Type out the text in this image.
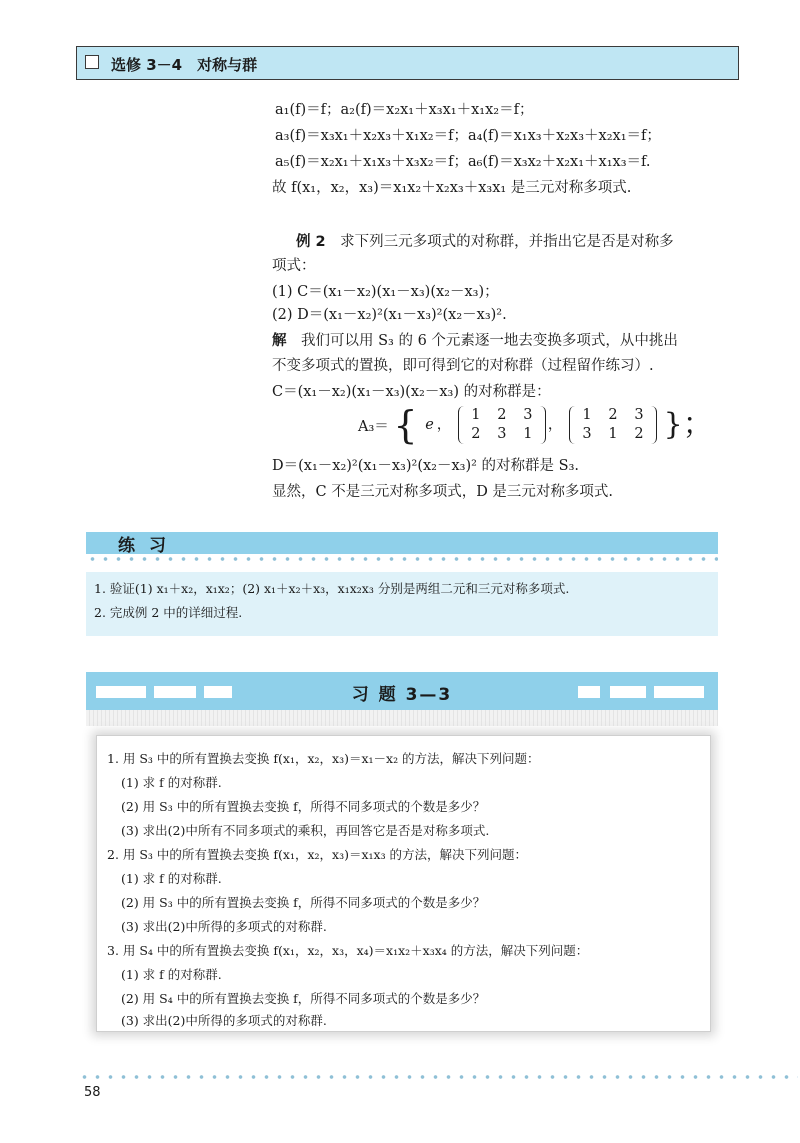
选修 3－4　对称与群
a₁(f)＝f；a₂(f)＝x₂x₁＋x₃x₁＋x₁x₂＝f；
a₃(f)＝x₃x₁＋x₂x₃＋x₁x₂＝f；a₄(f)＝x₁x₃＋x₂x₃＋x₂x₁＝f；
a₅(f)＝x₂x₁＋x₁x₃＋x₃x₂＝f；a₆(f)＝x₃x₂＋x₂x₁＋x₁x₃＝f.
故 f(x₁，x₂，x₃)＝x₁x₂＋x₂x₃＋x₃x₁ 是三元对称多项式.
例 2　 求下列三元多项式的对称群，并指出它是否是对称多
项式：
(1) C＝(x₁－x₂)(x₁－x₃)(x₂－x₃)；
(2) D＝(x₁－x₂)²(x₁－x₃)²(x₂－x₃)².
解　 我们可以用 S₃ 的 6 个元素逐一地去变换多项式，从中挑出
不变多项式的置换，即可得到它的对称群（过程留作练习）.
C＝(x₁－x₂)(x₁－x₃)(x₂－x₃) 的对称群是：
A₃＝ { e ，
1 2 3
2 3 1
，
1 2 3
3 1 2 }；
D＝(x₁－x₂)²(x₁－x₃)²(x₂－x₃)² 的对称群是 S₃.
显然，C 不是三元对称多项式，D 是三元对称多项式.
练习
1. 验证(1) x₁＋x₂，x₁x₂；(2) x₁＋x₂＋x₃，x₁x₂x₃ 分别是两组二元和三元对称多项式.
2. 完成例 2 中的详细过程.
习 题 3—3
1. 用 S₃ 中的所有置换去变换 f(x₁，x₂，x₃)＝x₁－x₂ 的方法，解决下列问题：
(1) 求 f 的对称群.
(2) 用 S₃ 中的所有置换去变换 f，所得不同多项式的个数是多少？
(3) 求出(2)中所有不同多项式的乘积，再回答它是否是对称多项式.
2. 用 S₃ 中的所有置换去变换 f(x₁，x₂，x₃)＝x₁x₃ 的方法，解决下列问题：
(1) 求 f 的对称群.
(2) 用 S₃ 中的所有置换去变换 f，所得不同多项式的个数是多少？
(3) 求出(2)中所得的多项式的对称群.
3. 用 S₄ 中的所有置换去变换 f(x₁，x₂，x₃，x₄)＝x₁x₂＋x₃x₄ 的方法，解决下列问题：
(1) 求 f 的对称群.
(2) 用 S₄ 中的所有置换去变换 f，所得不同多项式的个数是多少？
(3) 求出(2)中所得的多项式的对称群.
58
